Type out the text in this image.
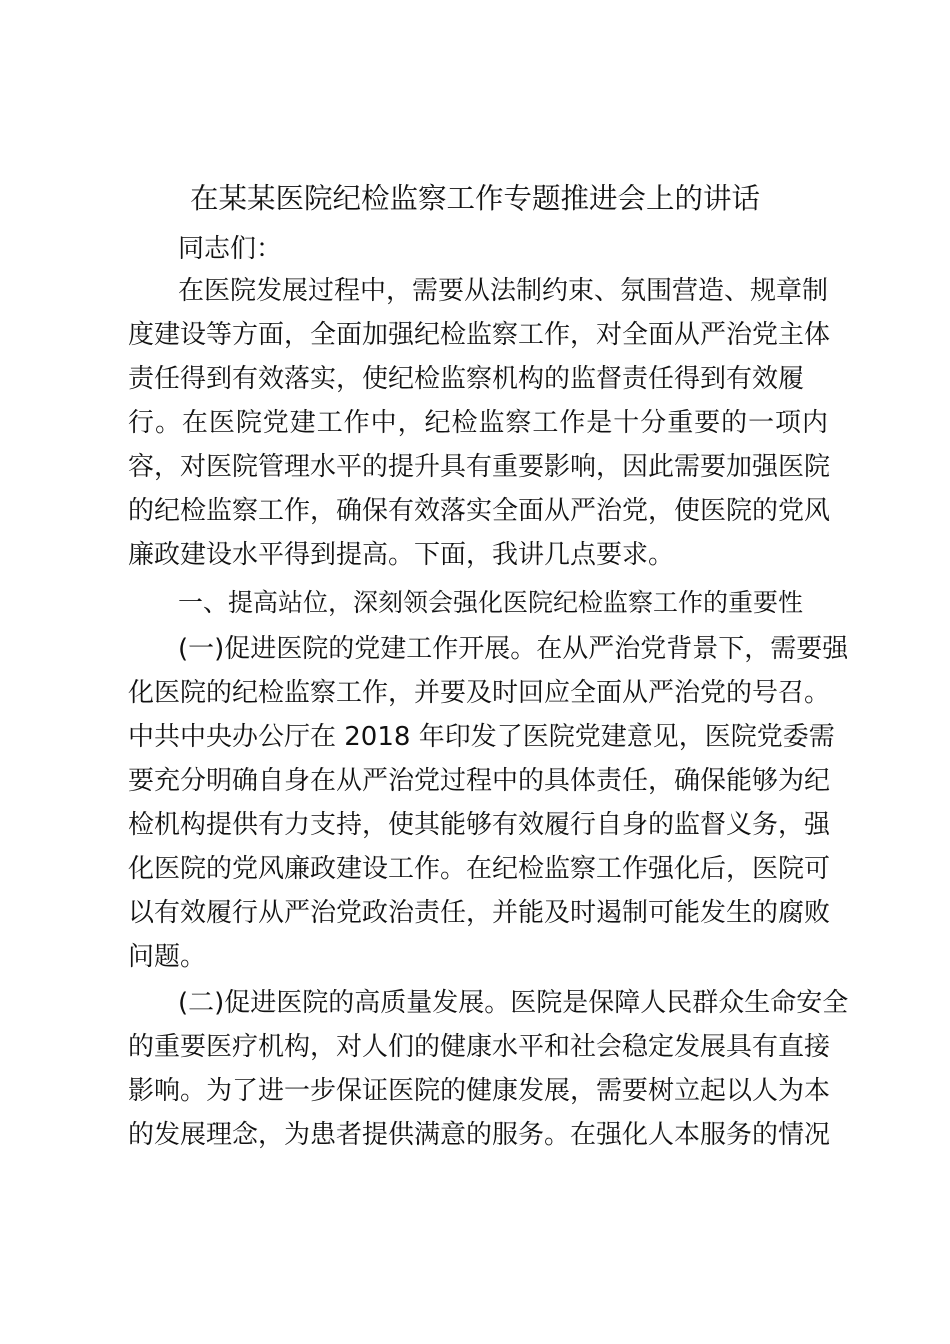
在某某医院纪检监察工作专题推进会上的讲话
同志们：
在医院发展过程中，需要从法制约束、氛围营造、规章制
度建设等方面，全面加强纪检监察工作，对全面从严治党主体
责任得到有效落实，使纪检监察机构的监督责任得到有效履
行。在医院党建工作中，纪检监察工作是十分重要的一项内
容，对医院管理水平的提升具有重要影响，因此需要加强医院
的纪检监察工作，确保有效落实全面从严治党，使医院的党风
廉政建设水平得到提高。下面，我讲几点要求。
一、提高站位，深刻领会强化医院纪检监察工作的重要性
(一)促进医院的党建工作开展。在从严治党背景下，需要强
化医院的纪检监察工作，并要及时回应全面从严治党的号召。
中共中央办公厅在 2018 年印发了医院党建意见，医院党委需
要充分明确自身在从严治党过程中的具体责任，确保能够为纪
检机构提供有力支持，使其能够有效履行自身的监督义务，强
化医院的党风廉政建设工作。在纪检监察工作强化后，医院可
以有效履行从严治党政治责任，并能及时遏制可能发生的腐败
问题。
(二)促进医院的高质量发展。医院是保障人民群众生命安全
的重要医疗机构，对人们的健康水平和社会稳定发展具有直接
影响。为了进一步保证医院的健康发展，需要树立起以人为本
的发展理念，为患者提供满意的服务。在强化人本服务的情况
